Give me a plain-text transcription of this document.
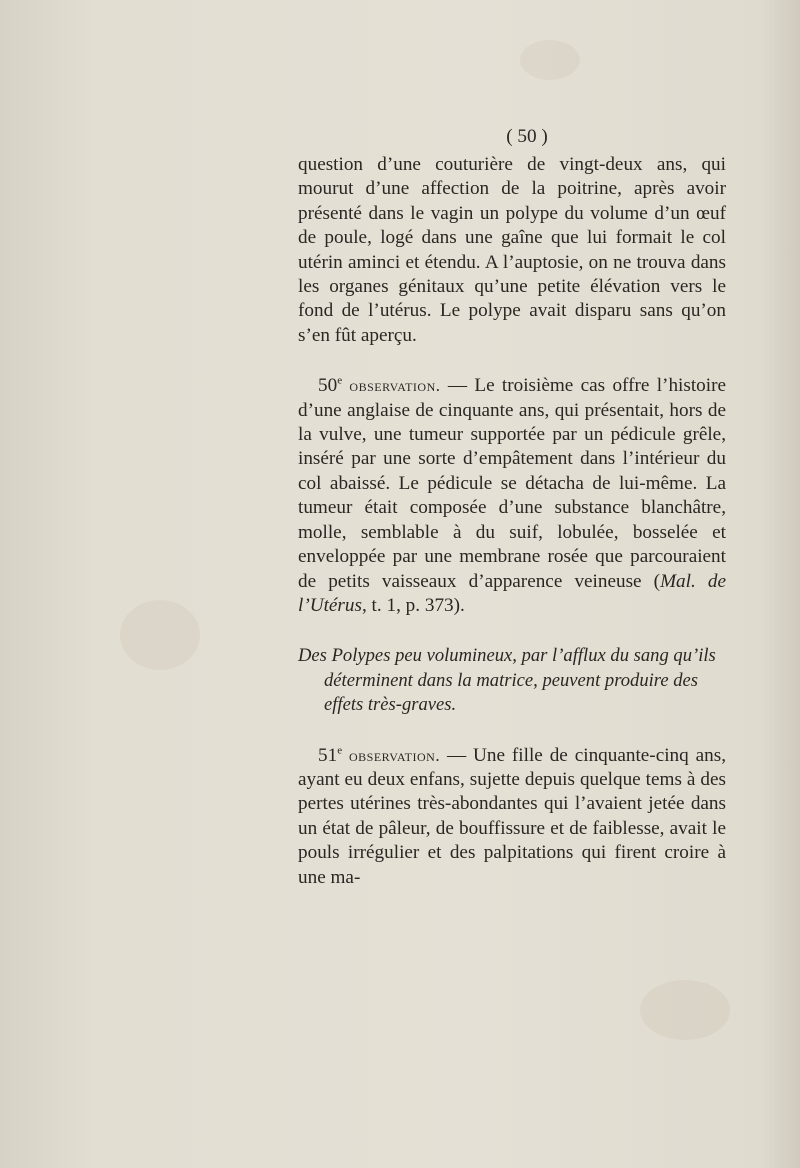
( 50 )

question d’une couturière de vingt-deux ans, qui mourut d’une affection de la poitrine, après avoir présenté dans le vagin un polype du volume d’un œuf de poule, logé dans une gaîne que lui formait le col utérin aminci et étendu. A l’auptosie, on ne trouva dans les organes génitaux qu’une petite élévation vers le fond de l’utérus. Le polype avait disparu sans qu’on s’en fût aperçu.

50e observation. — Le troisième cas offre l’histoire d’une anglaise de cinquante ans, qui présentait, hors de la vulve, une tumeur supportée par un pédicule grêle, inséré par une sorte d’empâtement dans l’intérieur du col abaissé. Le pédicule se détacha de lui-même. La tumeur était composée d’une substance blanchâtre, molle, semblable à du suif, lobulée, bosselée et enveloppée par une membrane rosée que parcouraient de petits vaisseaux d’apparence veineuse (Mal. de l’Utérus, t. 1, p. 373).

Des Polypes peu volumineux, par l’afflux du sang qu’ils déterminent dans la matrice, peuvent produire des effets très-graves.

51e observation. — Une fille de cinquante-cinq ans, ayant eu deux enfans, sujette depuis quelque tems à des pertes utérines très-abondantes qui l’avaient jetée dans un état de pâleur, de bouffissure et de faiblesse, avait le pouls irrégulier et des palpitations qui firent croire à une ma-
